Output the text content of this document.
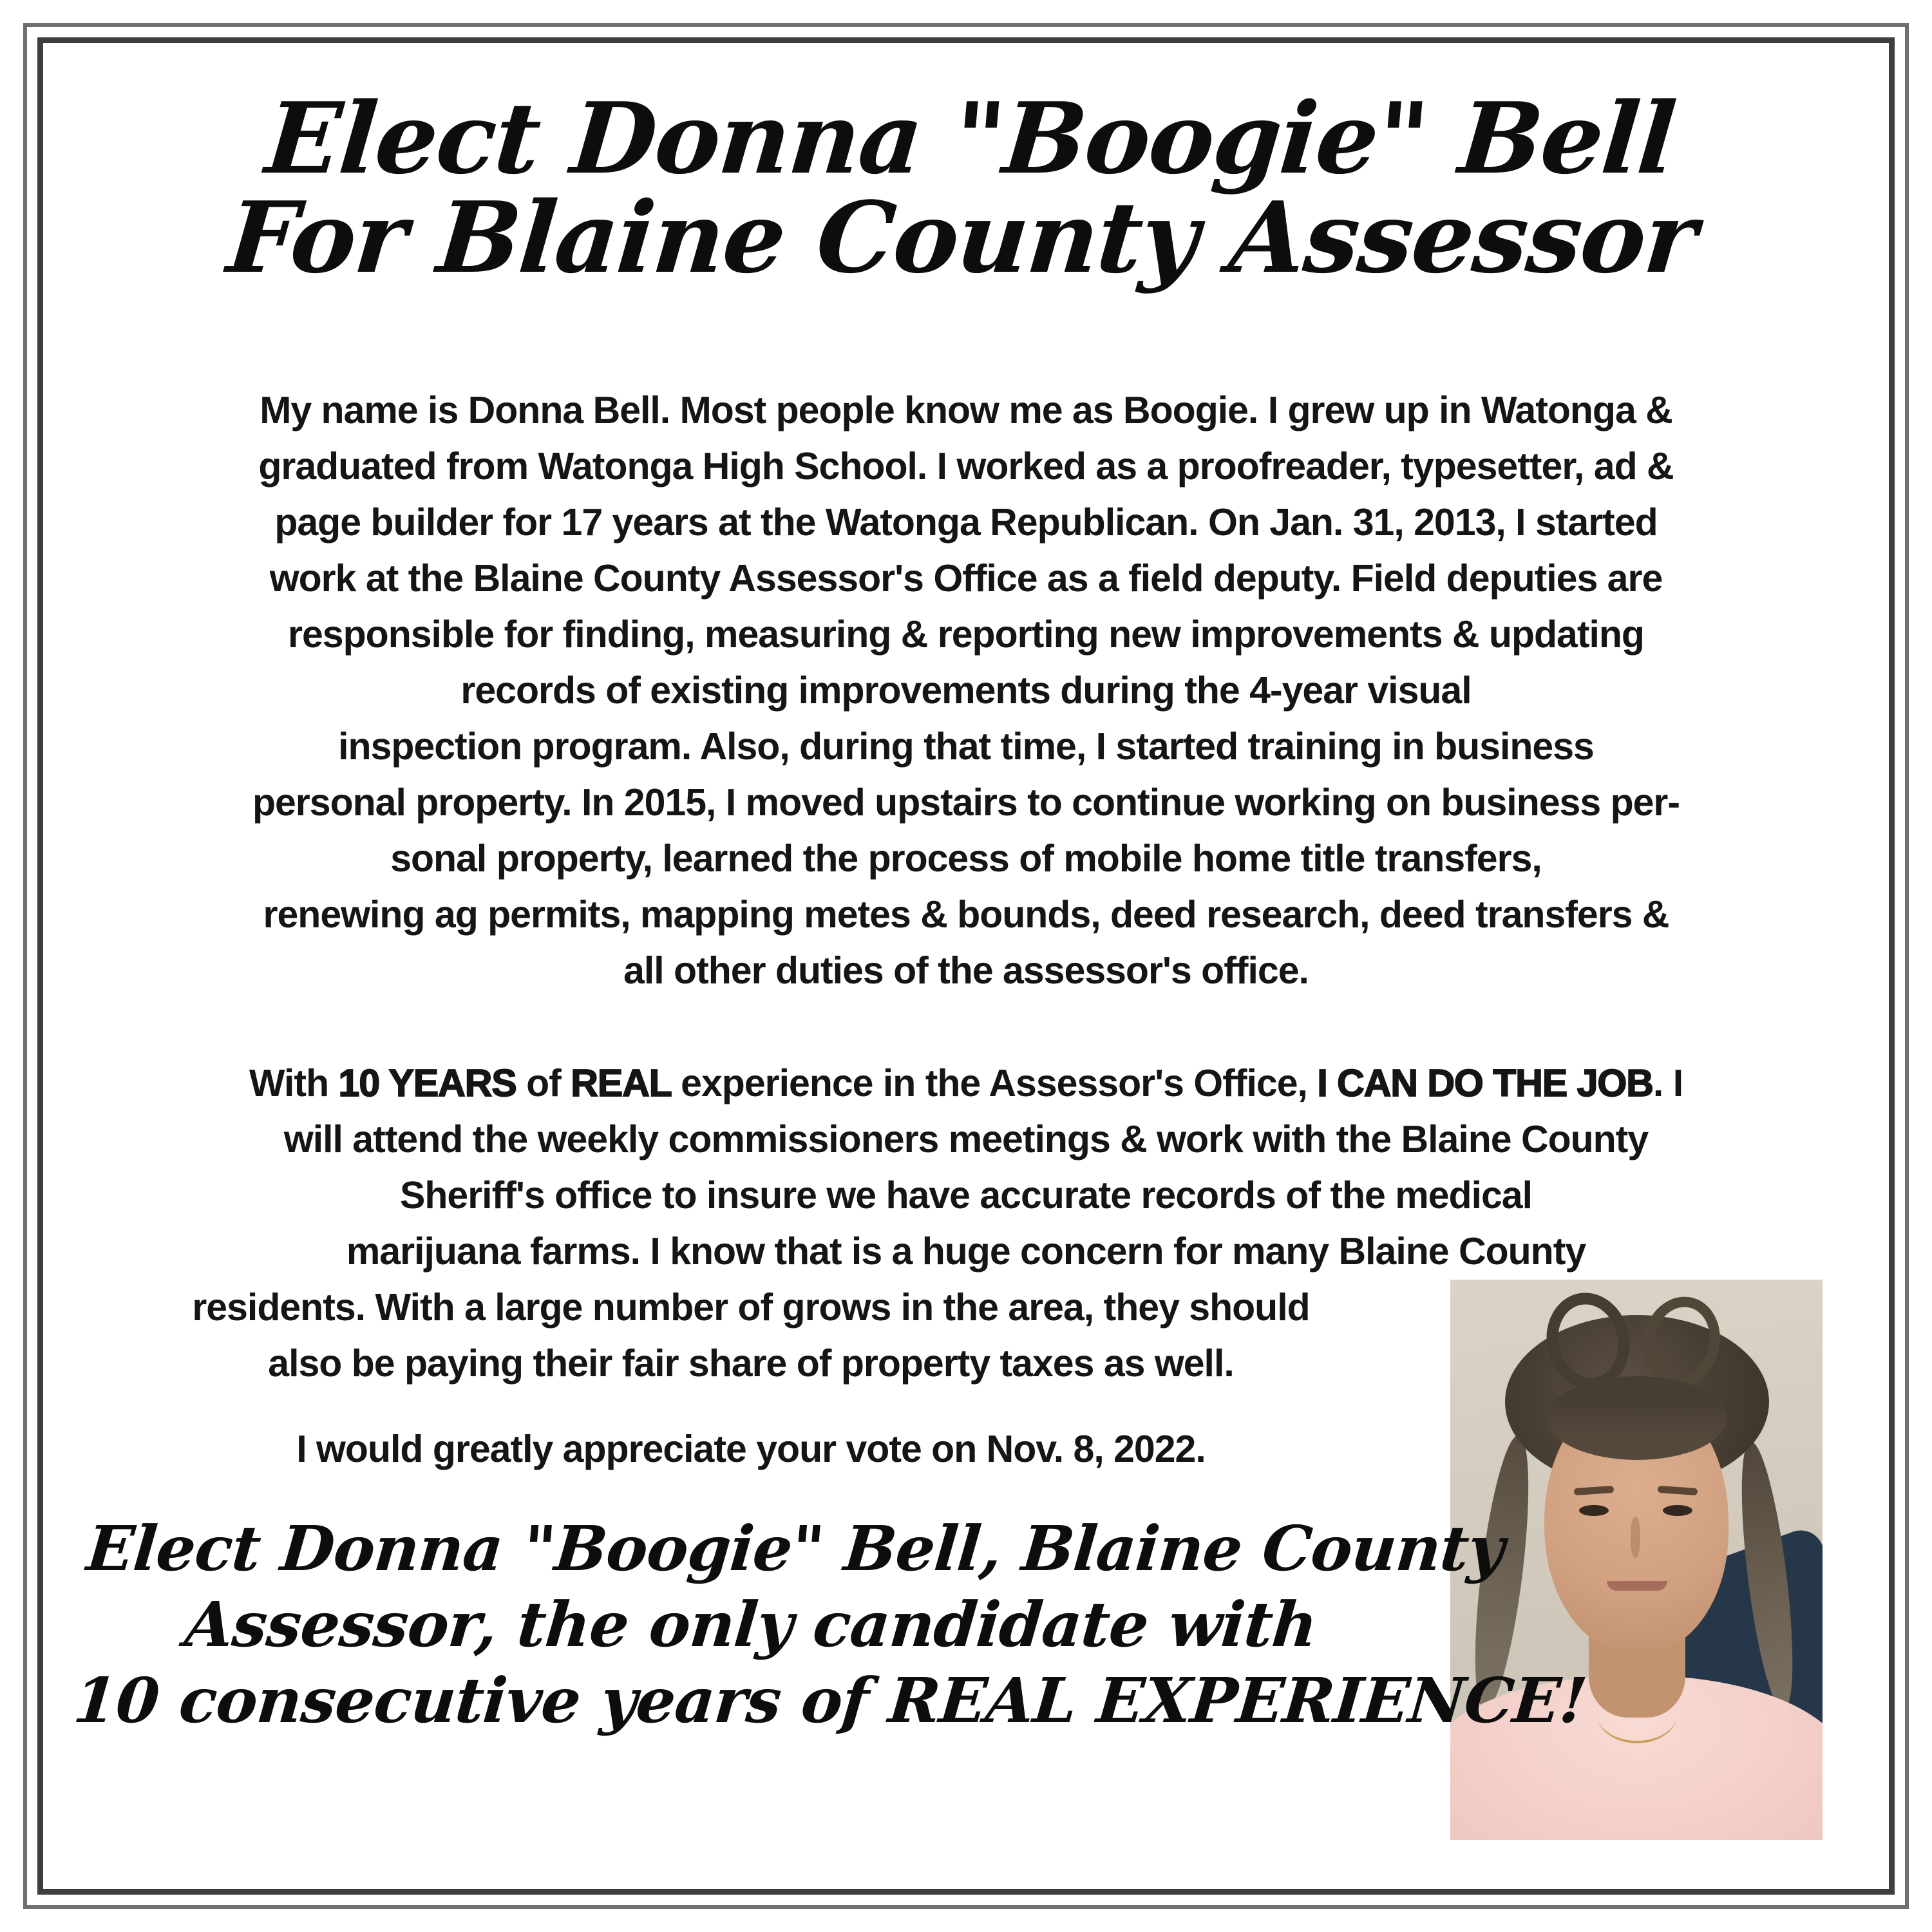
Elect Donna "Boogie" Bell
For Blaine County Assessor
My name is Donna Bell. Most people know me as Boogie. I grew up in Watonga &
graduated from Watonga High School. I worked as a proofreader, typesetter, ad &
page builder for 17 years at the Watonga Republican. On Jan. 31, 2013, I started
work at the Blaine County Assessor's Office as a field deputy. Field deputies are
responsible for finding, measuring & reporting new improvements & updating
records of existing improvements during the 4-year visual
inspection program. Also, during that time, I started training in business
personal property. In 2015, I moved upstairs to continue working on business per-
sonal property, learned the process of mobile home title transfers,
renewing ag permits, mapping metes & bounds, deed research, deed transfers &
all other duties of the assessor's office.
With 10 YEARS of REAL experience in the Assessor's Office, I CAN DO THE JOB. I
will attend the weekly commissioners meetings & work with the Blaine County
Sheriff's office to insure we have accurate records of the medical
marijuana farms. I know that is a huge concern for many Blaine County
residents. With a large number of grows in the area, they should
also be paying their fair share of property taxes as well.
I would greatly appreciate your vote on Nov. 8, 2022.
Elect Donna "Boogie" Bell, Blaine County
Assessor, the only candidate with
10 consecutive years of REAL EXPERIENCE!
